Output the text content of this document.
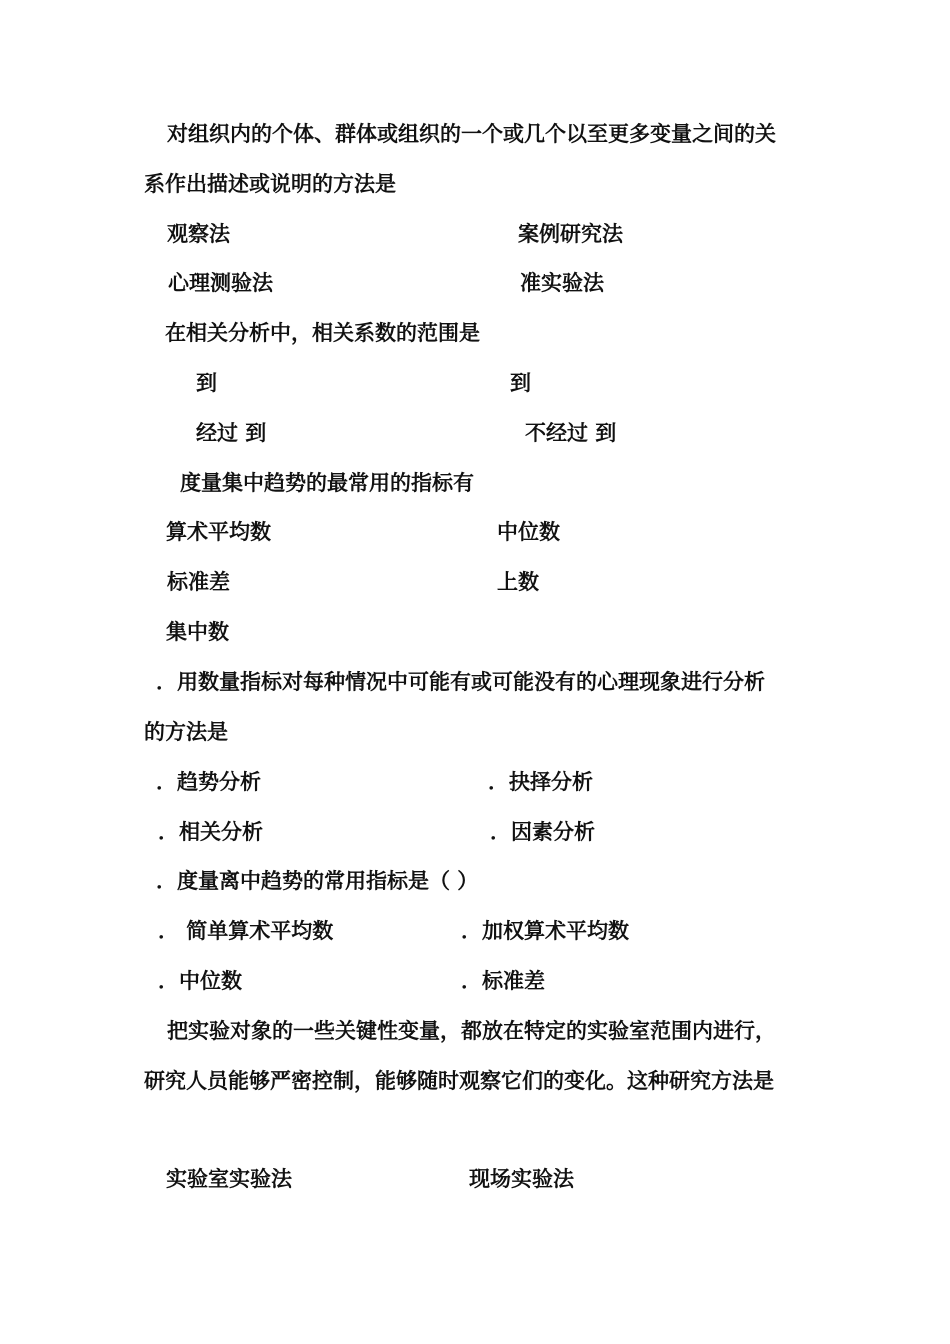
对组织内的个体、群体或组织的一个或几个以至更多变量之间的关
系作出描述或说明的方法是
观察法	案例研究法
心理测验法	准实验法
在相关分析中，相关系数的范围是
到	到
经过 到	不经过 到
度量集中趋势的最常用的指标有
算术平均数	中位数
标准差	上数
集中数
．用数量指标对每种情况中可能有或可能没有的心理现象进行分析
的方法是
．趋势分析	．抉择分析
．相关分析	．因素分析
．度量离中趋势的常用指标是（ ）
． 简单算术平均数	．加权算术平均数
．中位数	．标准差
把实验对象的一些关键性变量，都放在特定的实验室范围内进行，
研究人员能够严密控制，能够随时观察它们的变化。这种研究方法是
实验室实验法	现场实验法
